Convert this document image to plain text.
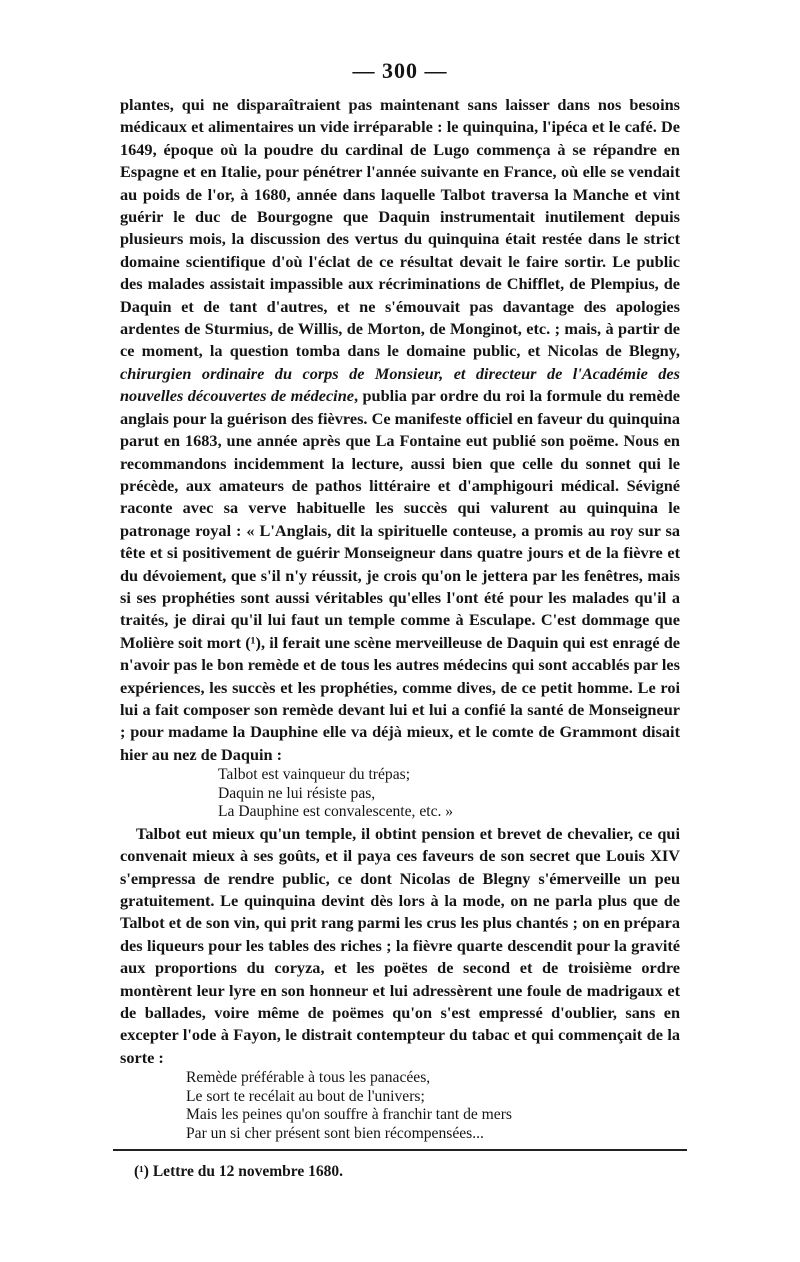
— 300 —

plantes, qui ne disparaîtraient pas maintenant sans laisser dans nos besoins médicaux et alimentaires un vide irréparable : le quinquina, l'ipéca et le café. De 1649, époque où la poudre du cardinal de Lugo commença à se répandre en Espagne et en Italie, pour pénétrer l'année suivante en France, où elle se vendait au poids de l'or, à 1680, année dans laquelle Talbot traversa la Manche et vint guérir le duc de Bourgogne que Daquin instrumentait inutilement depuis plusieurs mois, la discussion des vertus du quinquina était restée dans le strict domaine scientifique d'où l'éclat de ce résultat devait le faire sortir. Le public des malades assistait impassible aux récriminations de Chifflet, de Plempius, de Daquin et de tant d'autres, et ne s'émouvait pas davantage des apologies ardentes de Sturmius, de Willis, de Morton, de Monginot, etc. ; mais, à partir de ce moment, la question tomba dans le domaine public, et Nicolas de Blegny, chirurgien ordinaire du corps de Monsieur, et directeur de l'Académie des nouvelles découvertes de médecine, publia par ordre du roi la formule du remède anglais pour la guérison des fièvres. Ce manifeste officiel en faveur du quinquina parut en 1683, une année après que La Fontaine eut publié son poëme. Nous en recommandons incidemment la lecture, aussi bien que celle du sonnet qui le précède, aux amateurs de pathos littéraire et d'amphigouri médical. Sévigné raconte avec sa verve habituelle les succès qui valurent au quinquina le patronage royal : « L'Anglais, dit la spirituelle conteuse, a promis au roy sur sa tête et si positivement de guérir Monseigneur dans quatre jours et de la fièvre et du dévoiement, que s'il n'y réussit, je crois qu'on le jettera par les fenêtres, mais si ses prophéties sont aussi véritables qu'elles l'ont été pour les malades qu'il a traités, je dirai qu'il lui faut un temple comme à Esculape. C'est dommage que Molière soit mort (¹), il ferait une scène merveilleuse de Daquin qui est enragé de n'avoir pas le bon remède et de tous les autres médecins qui sont accablés par les expériences, les succès et les prophéties, comme dives, de ce petit homme. Le roi lui a fait composer son remède devant lui et lui a confié la santé de Monseigneur ; pour madame la Dauphine elle va déjà mieux, et le comte de Grammont disait hier au nez de Daquin :

Talbot est vainqueur du trépas;
Daquin ne lui résiste pas,
La Dauphine est convalescente, etc. »

Talbot eut mieux qu'un temple, il obtint pension et brevet de chevalier, ce qui convenait mieux à ses goûts, et il paya ces faveurs de son secret que Louis XIV s'empressa de rendre public, ce dont Nicolas de Blegny s'émerveille un peu gratuitement. Le quinquina devint dès lors à la mode, on ne parla plus que de Talbot et de son vin, qui prit rang parmi les crus les plus chantés ; on en prépara des liqueurs pour les tables des riches ; la fièvre quarte descendit pour la gravité aux proportions du coryza, et les poëtes de second et de troisième ordre montèrent leur lyre en son honneur et lui adressèrent une foule de madrigaux et de ballades, voire même de poëmes qu'on s'est empressé d'oublier, sans en excepter l'ode à Fayon, le distrait contempteur du tabac et qui commençait de la sorte :

Remède préférable à tous les panacées,
Le sort te recélait au bout de l'univers;
Mais les peines qu'on souffre à franchir tant de mers
Par un si cher présent sont bien récompensées...
(¹) Lettre du 12 novembre 1680.
